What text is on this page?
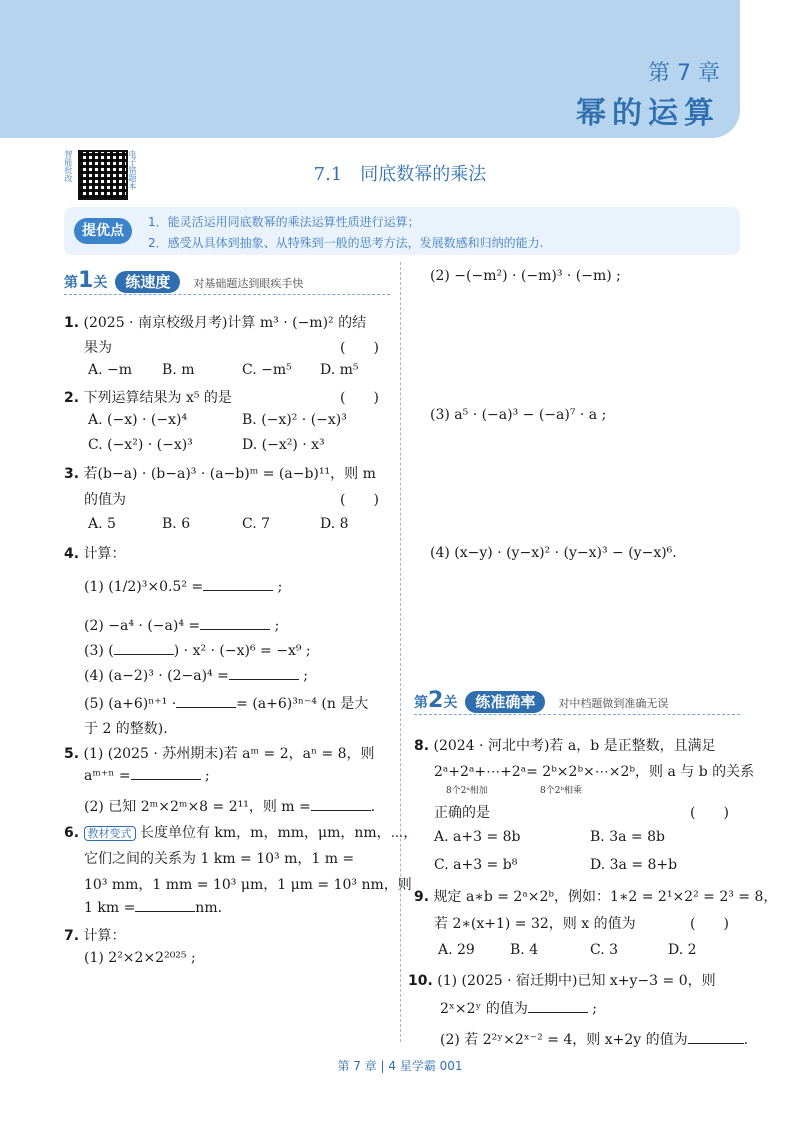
第 7 章
幂的运算
智能批改	电子错题本	7.1　同底数幂的乘法
提优点
1．能灵活运用同底数幂的乘法运算性质进行运算；
2．感受从具体到抽象、从特殊到一般的思考方法，发展数感和归纳的能力.
第1关 练速度 对基础题达到眼疾手快
1. (2025 · 南京校级月考)计算 m³ · (−m)² 的结
果为	(　　)
A. −m B. m	C. −m⁵ D. m⁵
2. 下列运算结果为 x⁵ 的是	(　　)
A. (−x) · (−x)⁴	B. (−x)² · (−x)³
C. (−x²) · (−x)³	D. (−x²) · x³
3. 若(b−a) · (b−a)³ · (a−b)ᵐ = (a−b)¹¹，则 m
的值为	(　　)
A. 5	B. 6	C. 7	D. 8
4. 计算：
(1) (1/2)³×0.5² =	;
(2) −a⁴ · (−a)⁴ =	;
(3) (	) · x² · (−x)⁶ = −x⁹ ;
(4) (a−2)³ · (2−a)⁴ =	;
(5) (a+6)ⁿ⁺¹ ·	= (a+6)³ⁿ⁻⁴ (n 是大
于 2 的整数).
5. (1) (2025 · 苏州期末)若 aᵐ = 2，aⁿ = 8，则
aᵐ⁺ⁿ =	;
(2) 已知 2ᵐ×2ᵐ×8 = 2¹¹，则 m =	.
6. 教材变式 长度单位有 km，m，mm，μm，nm，⋯，
它们之间的关系为 1 km = 10³ m，1 m =
10³ mm，1 mm = 10³ μm，1 μm = 10³ nm，则
1 km =	nm.
7. 计算：
(1) 2²×2×2²⁰²⁵ ;
(2) −(−m²) · (−m)³ · (−m) ;
(3) a⁵ · (−a)³ − (−a)⁷ · a ;
(4) (x−y) · (y−x)² · (y−x)³ − (y−x)⁶.
第2关 练准确率 对中档题做到准确无误
8. (2024 · 河北中考)若 a，b 是正整数，且满足
2ᵃ+2ᵃ+⋯+2ᵃ= 2ᵇ×2ᵇ×⋯×2ᵇ，则 a 与 b 的关系
8个2ᵃ相加	8个2ᵇ相乘
正确的是	(　　)
A. a+3 = 8b	B. 3a = 8b
C. a+3 = b⁸	D. 3a = 8+b
9. 规定 a∗b = 2ᵃ×2ᵇ，例如：1∗2 = 2¹×2² = 2³ = 8，
若 2∗(x+1) = 32，则 x 的值为	(　　)
A. 29	B. 4	C. 3	D. 2
10. (1) (2025 · 宿迁期中)已知 x+y−3 = 0，则
2ˣ×2ʸ 的值为	;
(2) 若 2²ʸ×2ˣ⁻² = 4，则 x+2y 的值为	.
第 7 章 | 4 星学霸 001
